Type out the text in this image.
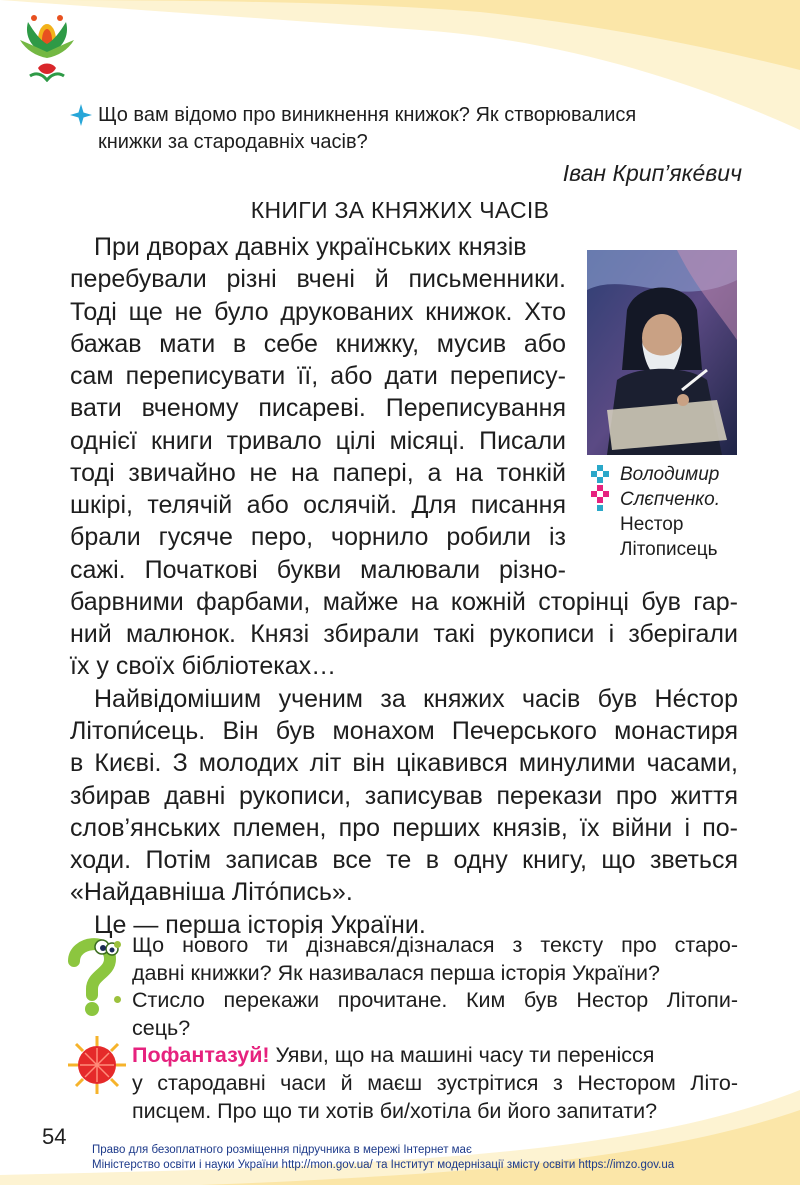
Що вам відомо про виникнення книжок? Як створювалися
книжки за стародавніх часів?
Іван Крип’яке́вич
КНИГИ ЗА КНЯЖИХ ЧАСІВ
При дворах давніх українських князів
перебували різні вчені й письменники.
Тоді ще не було друкованих книжок. Хто
бажав мати в себе книжку, мусив або
сам переписувати її, або дати перепису-
вати вченому писареві. Переписування
однієї книги тривало цілі місяці. Писали
тоді звичайно не на папері, а на тонкій
шкірі, телячій або ослячій. Для писання
брали гусяче перо, чорнило робили із
сажі. Початкові букви малювали різно-
барвними фарбами, майже на кожній сторінці був гар-
ний малюнок. Князі збирали такі рукописи і зберігали
їх у своїх бібліотеках…
Найвідомішим ученим за княжих часів був Не́стор
Літопи́сець. Він був монахом Печерського монастиря
в Києві. З молодих літ він цікавився минулими часами,
збирав давні рукописи, записував перекази про життя
слов’янських племен, про перших князів, їх війни і по-
ходи. Потім записав все те в одну книгу, що зветься
«Найдавніша Літо́пись».
Це — перша історія України.
Володимир
Слєпченко.
Нестор
Літописець
Що нового ти дізнався/дізналася з тексту про старо-
давні книжки? Як називалася перша історія України?
Стисло перекажи прочитане. Ким був Нестор Літопи-
сець?
Пофантазуй! Уяви, що на машині часу ти перенісся
у стародавні часи й маєш зустрітися з Нестором Літо-
писцем. Про що ти хотів би/хотіла би його запитати?
54
Право для безоплатного розміщення підручника в мережі Інтернет має
Міністерство освіти і науки України http://mon.gov.ua/ та Інститут модернізації змісту освіти https://imzo.gov.ua
